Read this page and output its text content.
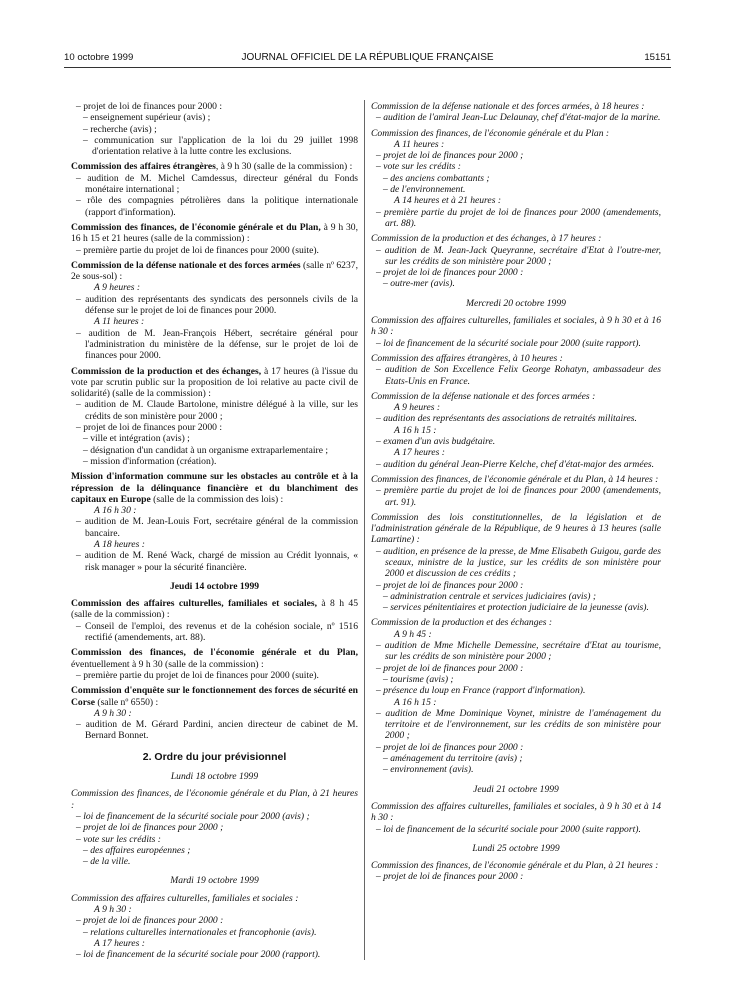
10 octobre 1999	JOURNAL OFFICIEL DE LA RÉPUBLIQUE FRANÇAISE	15151
– projet de loi de finances pour 2000 :
– enseignement supérieur (avis) ;
– recherche (avis) ;
– communication sur l'application de la loi du 29 juillet 1998 d'orientation relative à la lutte contre les exclusions.
Commission des affaires étrangères, à 9 h 30 (salle de la commission) :
– audition de M. Michel Camdessus, directeur général du Fonds monétaire international ;
– rôle des compagnies pétrolières dans la politique internationale (rapport d'information).
Commission des finances, de l'économie générale et du Plan, à 9 h 30, 16 h 15 et 21 heures (salle de la commission) :
– première partie du projet de loi de finances pour 2000 (suite).
Commission de la défense nationale et des forces armées (salle nº 6237, 2e sous-sol) :
A 9 heures :
– audition des représentants des syndicats des personnels civils de la défense sur le projet de loi de finances pour 2000.
A 11 heures :
– audition de M. Jean-François Hébert, secrétaire général pour l'administration du ministère de la défense, sur le projet de loi de finances pour 2000.
Commission de la production et des échanges, à 17 heures (à l'issue du vote par scrutin public sur la proposition de loi relative au pacte civil de solidarité) (salle de la commission) :
– audition de M. Claude Bartolone, ministre délégué à la ville, sur les crédits de son ministère pour 2000 ;
– projet de loi de finances pour 2000 :
– ville et intégration (avis) ;
– désignation d'un candidat à un organisme extraparlementaire ;
– mission d'information (création).
Mission d'information commune sur les obstacles au contrôle et à la répression de la délinquance financière et du blanchiment des capitaux en Europe (salle de la commission des lois) :
A 16 h 30 :
– audition de M. Jean-Louis Fort, secrétaire général de la commission bancaire.
A 18 heures :
– audition de M. René Wack, chargé de mission au Crédit lyonnais, « risk manager » pour la sécurité financière.
Jeudi 14 octobre 1999
Commission des affaires culturelles, familiales et sociales, à 8 h 45 (salle de la commission) :
– Conseil de l'emploi, des revenus et de la cohésion sociale, nº 1516 rectifié (amendements, art. 88).
Commission des finances, de l'économie générale et du Plan, éventuellement à 9 h 30 (salle de la commission) :
– première partie du projet de loi de finances pour 2000 (suite).
Commission d'enquête sur le fonctionnement des forces de sécurité en Corse (salle nº 6550) :
A 9 h 30 :
– audition de M. Gérard Pardini, ancien directeur de cabinet de M. Bernard Bonnet.
2. Ordre du jour prévisionnel
Lundi 18 octobre 1999
Commission des finances, de l'économie générale et du Plan, à 21 heures :
– loi de financement de la sécurité sociale pour 2000 (avis) ;
– projet de loi de finances pour 2000 ;
– vote sur les crédits :
– des affaires européennes ;
– de la ville.
Mardi 19 octobre 1999
Commission des affaires culturelles, familiales et sociales :
A 9 h 30 :
– projet de loi de finances pour 2000 :
– relations culturelles internationales et francophonie (avis).
A 17 heures :
– loi de financement de la sécurité sociale pour 2000 (rapport).
Commission de la défense nationale et des forces armées, à 18 heures :
– audition de l'amiral Jean-Luc Delaunay, chef d'état-major de la marine.
Commission des finances, de l'économie générale et du Plan :
A 11 heures :
– projet de loi de finances pour 2000 ;
– vote sur les crédits :
– des anciens combattants ;
– de l'environnement.
A 14 heures et à 21 heures :
– première partie du projet de loi de finances pour 2000 (amendements, art. 88).
Commission de la production et des échanges, à 17 heures :
– audition de M. Jean-Jack Queyranne, secrétaire d'Etat à l'outre-mer, sur les crédits de son ministère pour 2000 ;
– projet de loi de finances pour 2000 :
– outre-mer (avis).
Mercredi 20 octobre 1999
Commission des affaires culturelles, familiales et sociales, à 9 h 30 et à 16 h 30 :
– loi de financement de la sécurité sociale pour 2000 (suite rapport).
Commission des affaires étrangères, à 10 heures :
– audition de Son Excellence Felix George Rohatyn, ambassadeur des Etats-Unis en France.
Commission de la défense nationale et des forces armées :
A 9 heures :
– audition des représentants des associations de retraités militaires.
A 16 h 15 :
– examen d'un avis budgétaire.
A 17 heures :
– audition du général Jean-Pierre Kelche, chef d'état-major des armées.
Commission des finances, de l'économie générale et du Plan, à 14 heures :
– première partie du projet de loi de finances pour 2000 (amendements, art. 91).
Commission des lois constitutionnelles, de la législation et de l'administration générale de la République, de 9 heures à 13 heures (salle Lamartine) :
– audition, en présence de la presse, de Mme Elisabeth Guigou, garde des sceaux, ministre de la justice, sur les crédits de son ministère pour 2000 et discussion de ces crédits ;
– projet de loi de finances pour 2000 :
– administration centrale et services judiciaires (avis) ;
– services pénitentiaires et protection judiciaire de la jeunesse (avis).
Commission de la production et des échanges :
A 9 h 45 :
– audition de Mme Michelle Demessine, secrétaire d'Etat au tourisme, sur les crédits de son ministère pour 2000 ;
– projet de loi de finances pour 2000 :
– tourisme (avis) ;
– présence du loup en France (rapport d'information).
A 16 h 15 :
– audition de Mme Dominique Voynet, ministre de l'aménagement du territoire et de l'environnement, sur les crédits de son ministère pour 2000 ;
– projet de loi de finances pour 2000 :
– aménagement du territoire (avis) ;
– environnement (avis).
Jeudi 21 octobre 1999
Commission des affaires culturelles, familiales et sociales, à 9 h 30 et à 14 h 30 :
– loi de financement de la sécurité sociale pour 2000 (suite rapport).
Lundi 25 octobre 1999
Commission des finances, de l'économie générale et du Plan, à 21 heures :
– projet de loi de finances pour 2000 :
